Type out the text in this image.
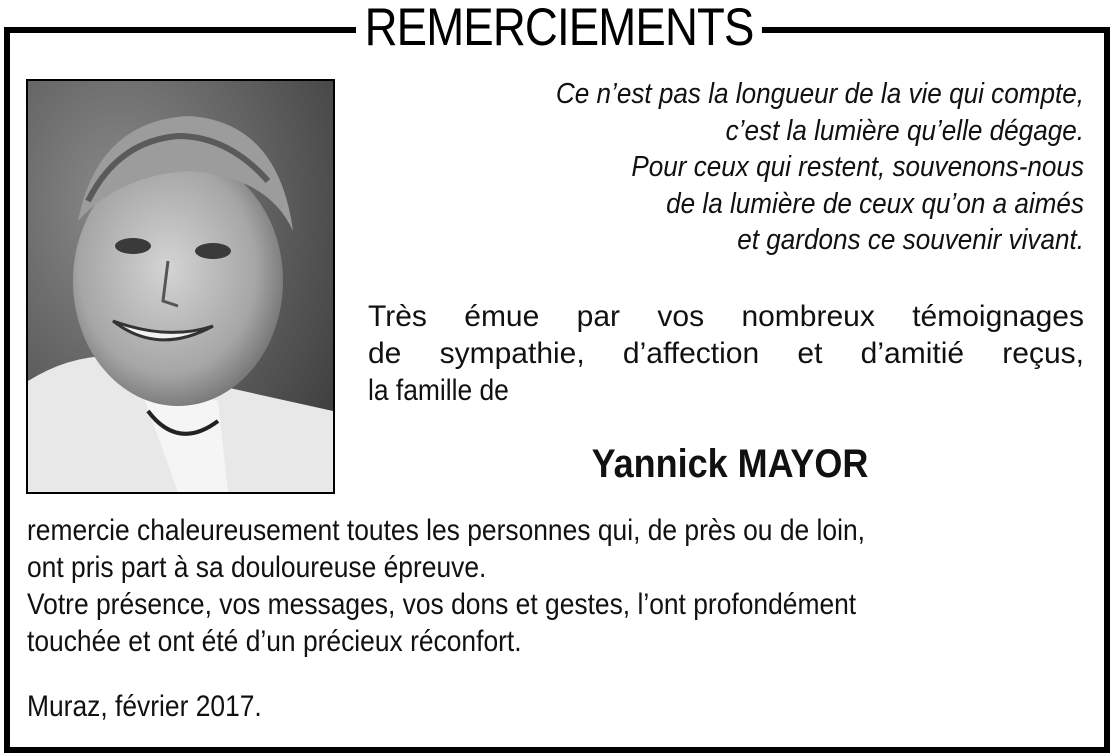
REMERCIEMENTS
Ce n’est pas la longueur de la vie qui compte,
c’est la lumière qu’elle dégage.
Pour ceux qui restent, souvenons-nous
de la lumière de ceux qu’on a aimés
et gardons ce souvenir vivant.
Très émue par vos nombreux témoignages
de sympathie, d’affection et d’amitié reçus,
la famille de
Yannick MAYOR
remercie chaleureusement toutes les personnes qui, de près ou de loin,
ont pris part à sa douloureuse épreuve.
Votre présence, vos messages, vos dons et gestes, l’ont profondément
touchée et ont été d’un précieux réconfort.
Muraz, février 2017.
